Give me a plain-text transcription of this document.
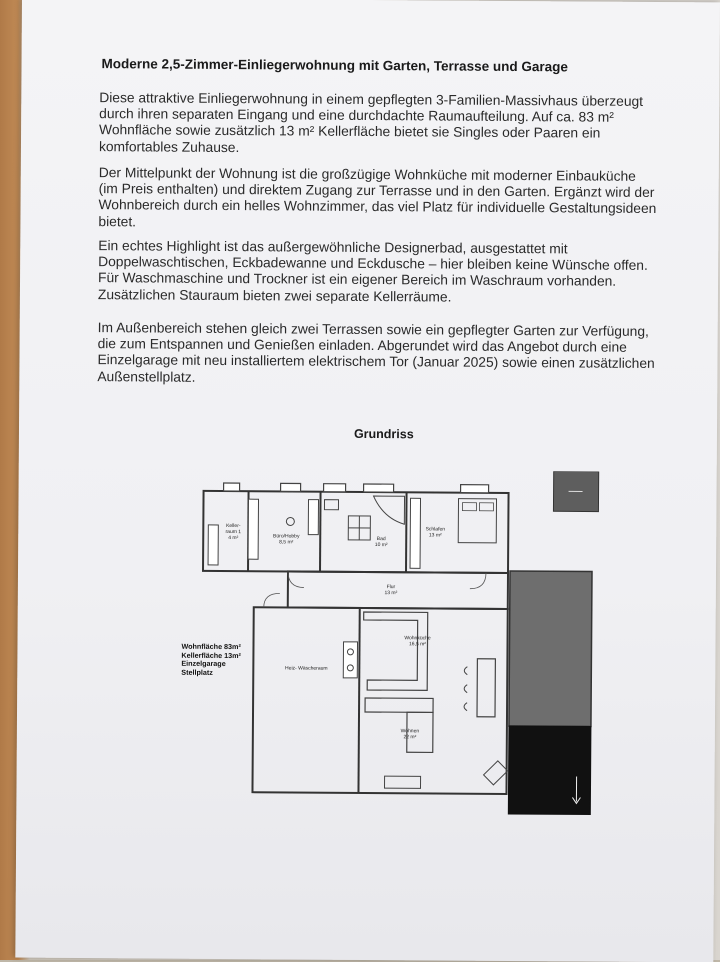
Moderne 2,5-Zimmer-Einliegerwohnung mit Garten, Terrasse und Garage
Diese attraktive Einliegerwohnung in einem gepflegten 3-Familien-Massivhaus überzeugt durch ihren separaten Eingang und eine durchdachte Raumaufteilung. Auf ca. 83 m² Wohnfläche sowie zusätzlich 13 m² Kellerfläche bietet sie Singles oder Paaren ein komfortables Zuhause.
Der Mittelpunkt der Wohnung ist die großzügige Wohnküche mit moderner Einbauküche (im Preis enthalten) und direktem Zugang zur Terrasse und in den Garten. Ergänzt wird der Wohnbereich durch ein helles Wohnzimmer, das viel Platz für individuelle Gestaltungsideen bietet.
Ein echtes Highlight ist das außergewöhnliche Designerbad, ausgestattet mit Doppelwaschtischen, Eckbadewanne und Eckdusche – hier bleiben keine Wünsche offen. Für Waschmaschine und Trockner ist ein eigener Bereich im Waschraum vorhanden. Zusätzlichen Stauraum bieten zwei separate Kellerräume.
Im Außenbereich stehen gleich zwei Terrassen sowie ein gepflegter Garten zur Verfügung, die zum Entspannen und Genießen einladen. Abgerundet wird das Angebot durch eine Einzelgarage mit neu installiertem elektrischem Tor (Januar 2025) sowie einen zusätzlichen Außenstellplatz.
Grundriss
Keller-
raum 1
4 m²	Büro/Hobby
8,5 m²
Bad
10 m²
Schlafen
13 m²
Flur
13 m²
Wohnküche
16,5 m²
Heiz- Wäscheraum
Wohnen
22 m²
Wohnfläche 83m²
Kellerfläche 13m²
Einzelgarage
Stellplatz
